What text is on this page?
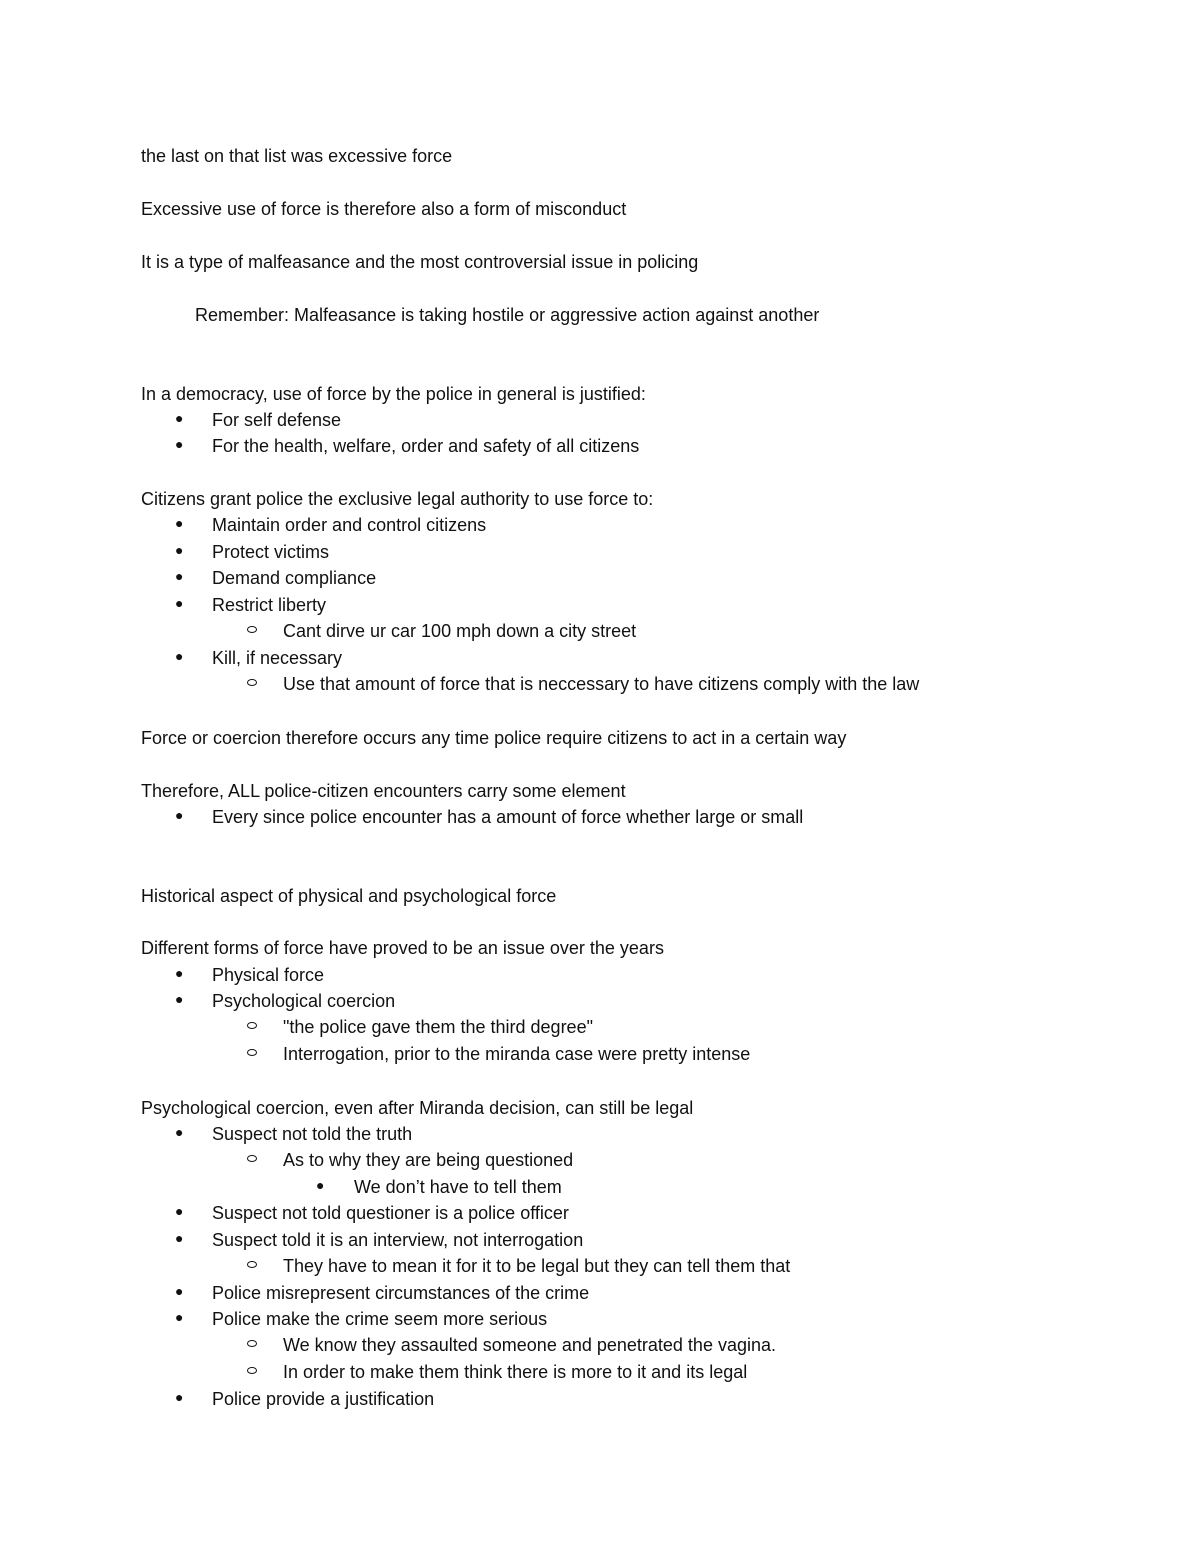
the last on that list was excessive force

Excessive use of force is therefore also a form of misconduct

It is a type of malfeasance and the most controversial issue in policing

Remember: Malfeasance is taking hostile or aggressive action against another

In a democracy, use of force by the police in general is justified:

● For self defense

● For the health, welfare, order and safety of all citizens

Citizens grant police the exclusive legal authority to use force to:

● Maintain order and control citizens

● Protect victims

● Demand compliance

● Restrict liberty

Cant dirve ur car 100 mph down a city street

● Kill, if necessary

Use that amount of force that is neccessary to have citizens comply with the law

Force or coercion therefore occurs any time police require citizens to act in a certain way

Therefore, ALL police-citizen encounters carry some element

● Every since police encounter has a amount of force whether large or small

Historical aspect of physical and psychological force

Different forms of force have proved to be an issue over the years

● Physical force

● Psychological coercion

"the police gave them the third degree"

Interrogation, prior to the miranda case were pretty intense

Psychological coercion, even after Miranda decision, can still be legal

● Suspect not told the truth

As to why they are being questioned

● We don’t have to tell them

● Suspect not told questioner is a police officer

● Suspect told it is an interview, not interrogation

They have to mean it for it to be legal but they can tell them that

● Police misrepresent circumstances of the crime

● Police make the crime seem more serious

We know they assaulted someone and penetrated the vagina.

In order to make them think there is more to it and its legal

● Police provide a justification
